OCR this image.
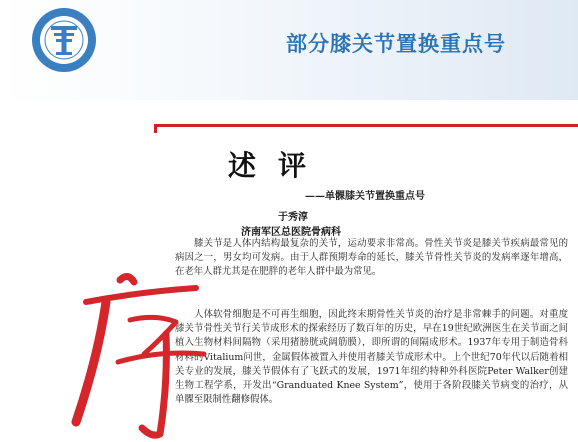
部分膝关节置换重点号
述评
——单髁膝关节置换重点号
于秀淳
济南军区总医院骨病科

膝关节是人体内结构最复杂的关节，运动要求非常高。骨性关节炎是膝关节疾病最常见的病因之一，男女均可发病。由于人群预期寿命的延长，膝关节骨性关节炎的发病率逐年增高，在老年人群尤其是在肥胖的老年人群中最为常见。

人体软骨细胞是不可再生细胞，因此终末期骨性关节炎的治疗是非常棘手的问题。对重度膝关节骨性关节行关节成形术的探索经历了数百年的历史，早在19世纪欧洲医生在关节面之间植入生物材料间隔物（采用猪膀胱或阔筋膜），即所谓的间隔成形术。1937年专用于制造骨科材料的Vitalium问世，金属假体被置入并使用者膝关节成形术中。上个世纪70年代以后随着相关专业的发展，膝关节假体有了飞跃式的发展，1971年纽约特种外科医院Peter Walker创建生物工程学系，开发出“Granduated Knee System”，使用于各阶段膝关节病变的治疗，从单髁至限制性翻修假体。
